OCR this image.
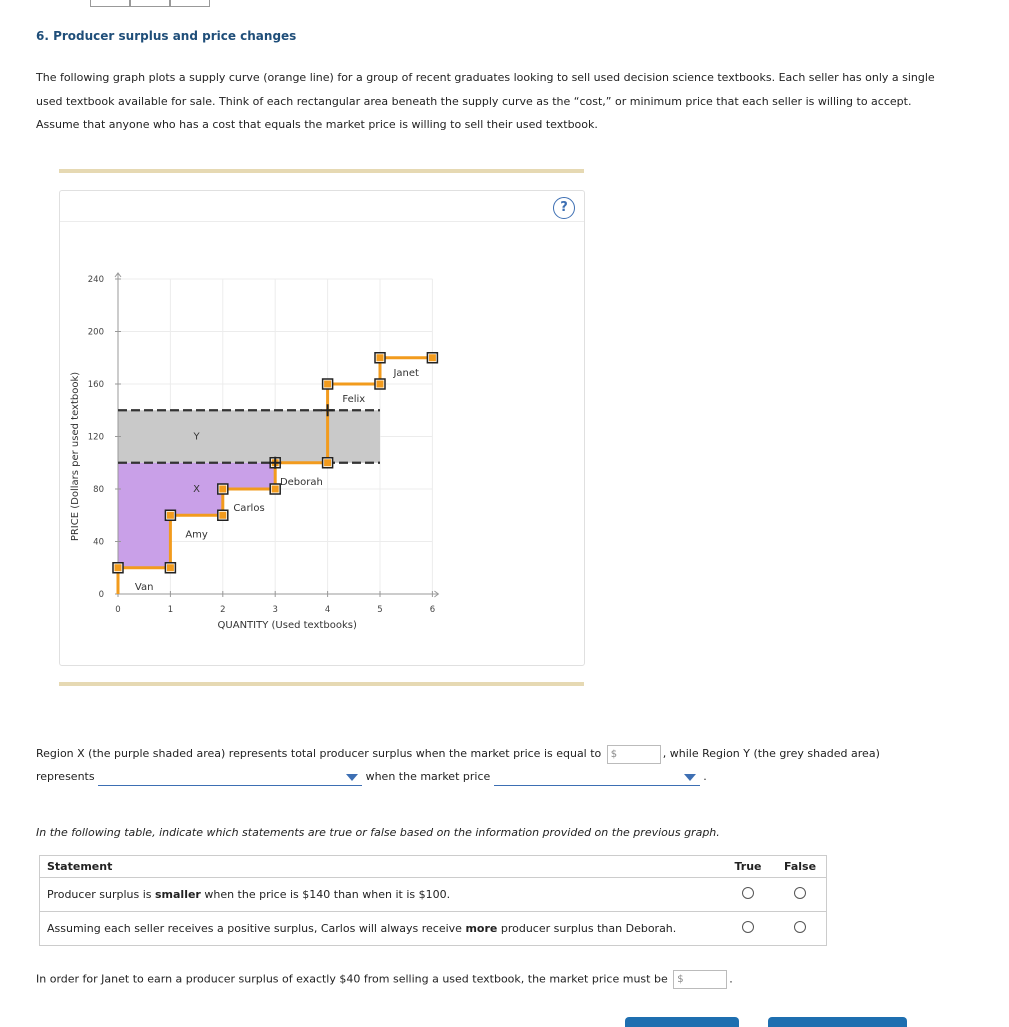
6. Producer surplus and price changes
The following graph plots a supply curve (orange line) for a group of recent graduates looking to sell used decision science textbooks. Each seller has only a single used textbook available for sale. Think of each rectangular area beneath the supply curve as the “cost,” or minimum price that each seller is willing to accept. Assume that anyone who has a cost that equals the market price is willing to sell their used textbook.
?
0
40
80
120
160
200
240
0	1	2	3	4	5	6
QUANTITY (Used textbooks)
PRICE (Dollars per used textbook)
Van
Amy
Carlos
Deborah
Felix
Janet
X
Y
Region X (the purple shaded area) represents total producer surplus when the market price is equal to $	, while Region Y (the grey shaded area) represents	when the market price	.
In the following table, indicate which statements are true or false based on the information provided on the previous graph.
Statement	True	False
Producer surplus is smaller when the price is $140 than when it is $100.		
Assuming each seller receives a positive surplus, Carlos will always receive more producer surplus than Deborah.		
In order for Janet to earn a producer surplus of exactly $40 from selling a used textbook, the market price must be $	.
